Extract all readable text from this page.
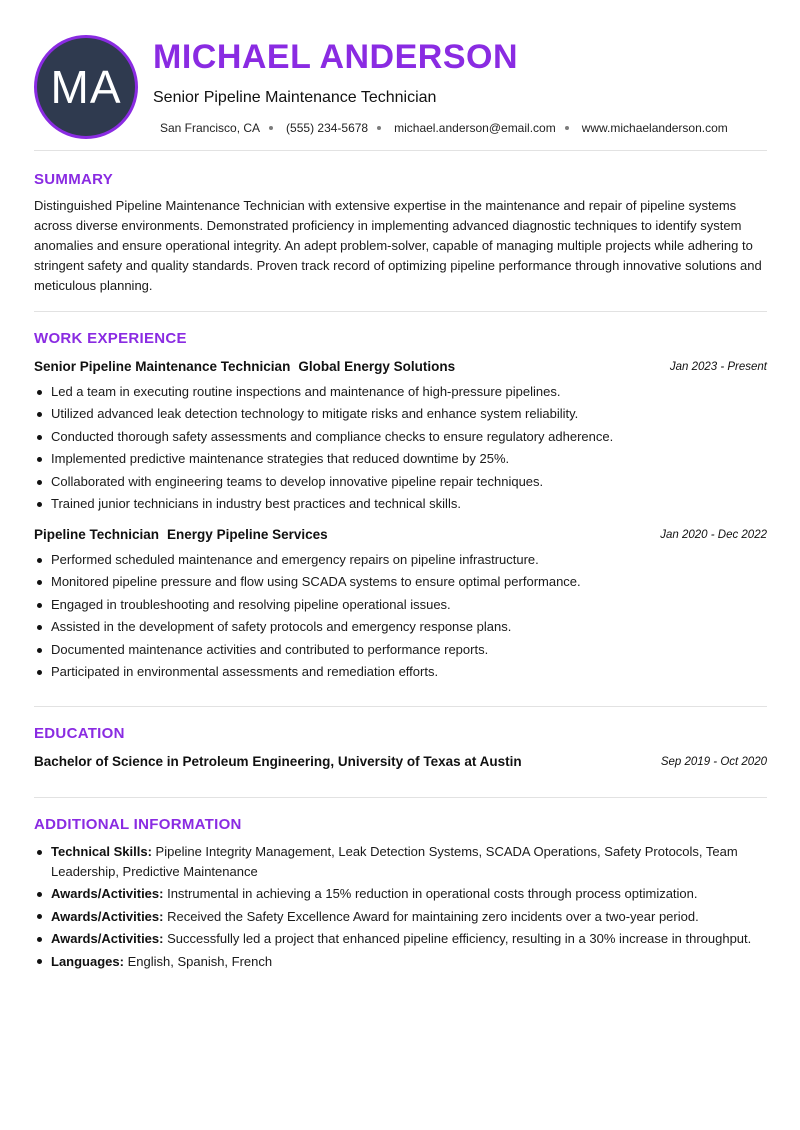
MA
MICHAEL ANDERSON
Senior Pipeline Maintenance Technician
San Francisco, CA (555) 234-5678 michael.anderson@email.com www.michaelanderson.com
SUMMARY

Distinguished Pipeline Maintenance Technician with extensive expertise in the maintenance and repair of pipeline systems across diverse environments. Demonstrated proficiency in implementing advanced diagnostic techniques to identify system anomalies and ensure operational integrity. An adept problem-solver, capable of managing multiple projects while adhering to stringent safety and quality standards. Proven track record of optimizing pipeline performance through innovative solutions and meticulous planning.

WORK EXPERIENCE
Senior Pipeline Maintenance Technician Global Energy Solutions	Jan 2023 - Present
Led a team in executing routine inspections and maintenance of high-pressure pipelines.
Utilized advanced leak detection technology to mitigate risks and enhance system reliability.
Conducted thorough safety assessments and compliance checks to ensure regulatory adherence.
Implemented predictive maintenance strategies that reduced downtime by 25%.
Collaborated with engineering teams to develop innovative pipeline repair techniques.
Trained junior technicians in industry best practices and technical skills.
Pipeline Technician Energy Pipeline Services	Jan 2020 - Dec 2022
Performed scheduled maintenance and emergency repairs on pipeline infrastructure.
Monitored pipeline pressure and flow using SCADA systems to ensure optimal performance.
Engaged in troubleshooting and resolving pipeline operational issues.
Assisted in the development of safety protocols and emergency response plans.
Documented maintenance activities and contributed to performance reports.
Participated in environmental assessments and remediation efforts.
EDUCATION
Bachelor of Science in Petroleum Engineering, University of Texas at Austin	Sep 2019 - Oct 2020
ADDITIONAL INFORMATION
Technical Skills: Pipeline Integrity Management, Leak Detection Systems, SCADA Operations, Safety Protocols, Team Leadership, Predictive Maintenance
Awards/Activities: Instrumental in achieving a 15% reduction in operational costs through process optimization.
Awards/Activities: Received the Safety Excellence Award for maintaining zero incidents over a two-year period.
Awards/Activities: Successfully led a project that enhanced pipeline efficiency, resulting in a 30% increase in throughput.
Languages: English, Spanish, French
